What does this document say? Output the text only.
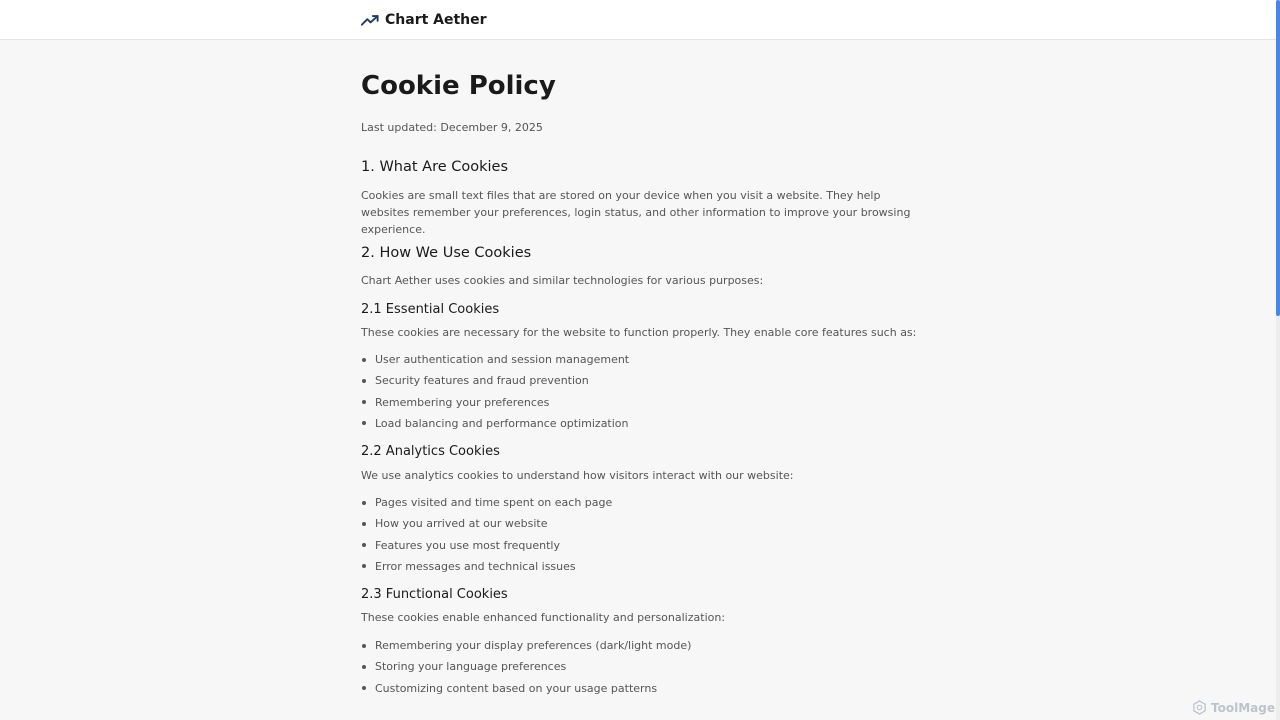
Chart Aether
Cookie Policy
Last updated: December 9, 2025
1. What Are Cookies

Cookies are small text files that are stored on your device when you visit a website. They help websites remember your preferences, login status, and other information to improve your browsing experience.

2. How We Use Cookies

Chart Aether uses cookies and similar technologies for various purposes:

2.1 Essential Cookies

These cookies are necessary for the website to function properly. They enable core features such as:

User authentication and session management
Security features and fraud prevention
Remembering your preferences
Load balancing and performance optimization
2.2 Analytics Cookies

We use analytics cookies to understand how visitors interact with our website:

Pages visited and time spent on each page
How you arrived at our website
Features you use most frequently
Error messages and technical issues
2.3 Functional Cookies

These cookies enable enhanced functionality and personalization:

Remembering your display preferences (dark/light mode)
Storing your language preferences
Customizing content based on your usage patterns
ToolMage
